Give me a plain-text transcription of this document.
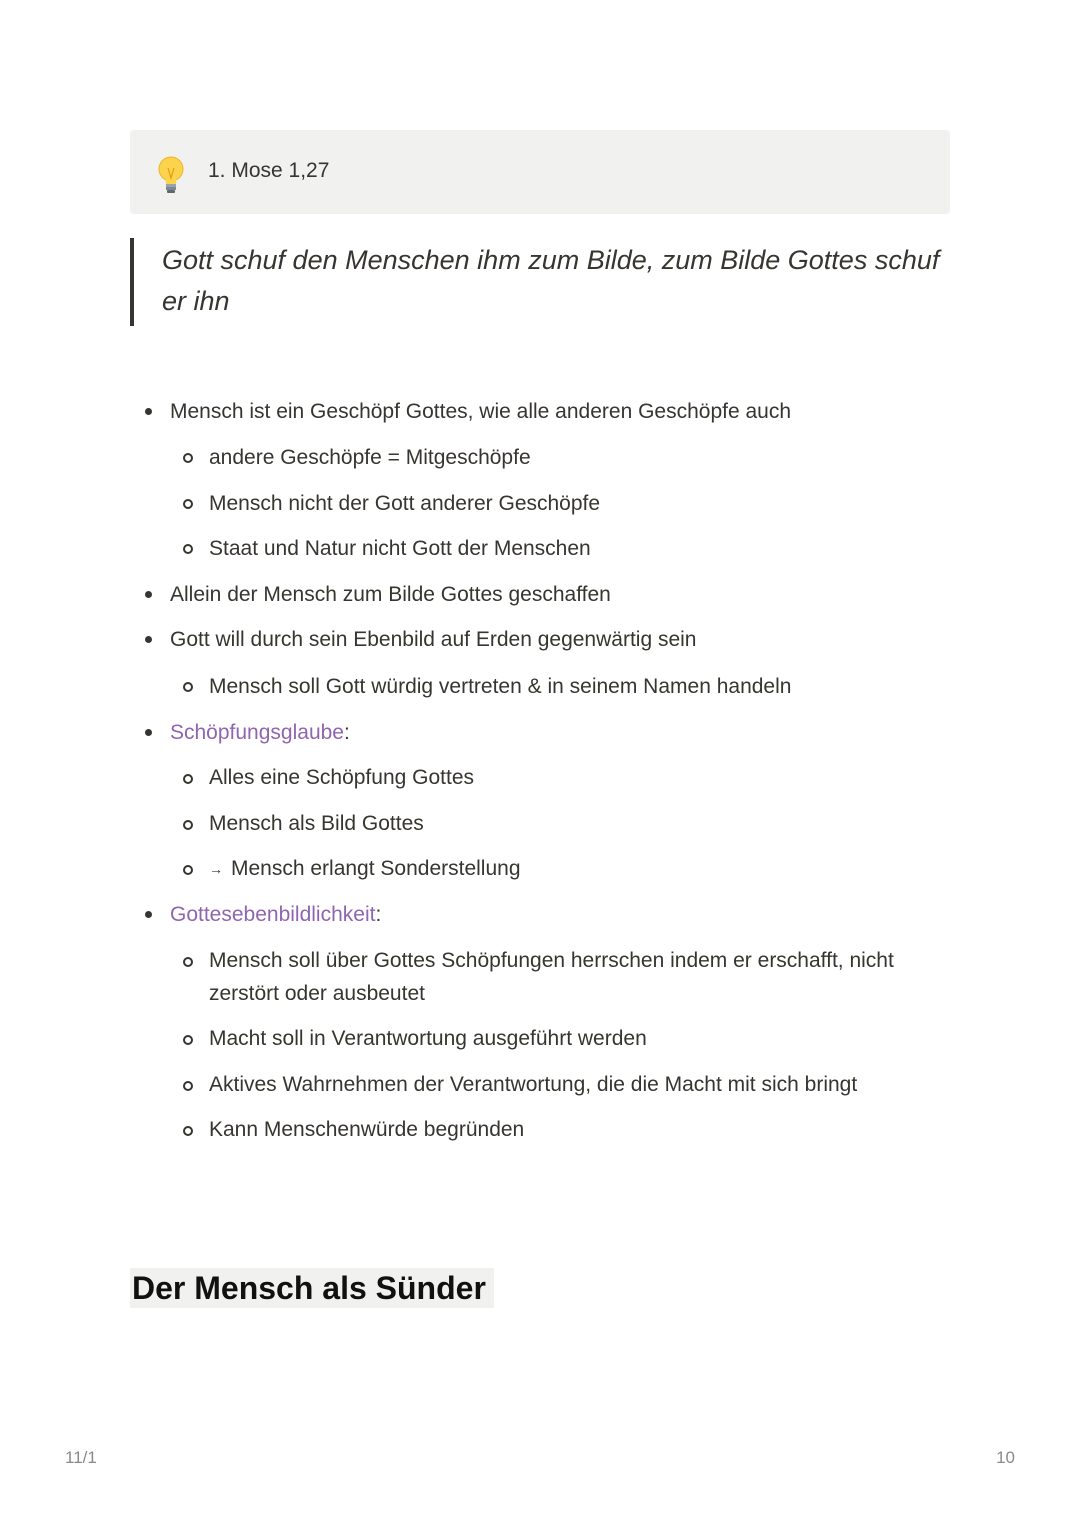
1. Mose 1,27
Gott schuf den Menschen ihm zum Bilde, zum Bilde Gottes schuf er ihn
Mensch ist ein Geschöpf Gottes, wie alle anderen Geschöpfe auch
andere Geschöpfe = Mitgeschöpfe
Mensch nicht der Gott anderer Geschöpfe
Staat und Natur nicht Gott der Menschen
Allein der Mensch zum Bilde Gottes geschaffen
Gott will durch sein Ebenbild auf Erden gegenwärtig sein
Mensch soll Gott würdig vertreten & in seinem Namen handeln
Schöpfungsglaube:
Alles eine Schöpfung Gottes
Mensch als Bild Gottes
→ Mensch erlangt Sonderstellung
Gottesebenbildlichkeit:
Mensch soll über Gottes Schöpfungen herrschen indem er erschafft, nicht zerstört oder ausbeutet
Macht soll in Verantwortung ausgeführt werden
Aktives Wahrnehmen der Verantwortung, die die Macht mit sich bringt
Kann Menschenwürde begründen
Der Mensch als Sünder
11/1	10
